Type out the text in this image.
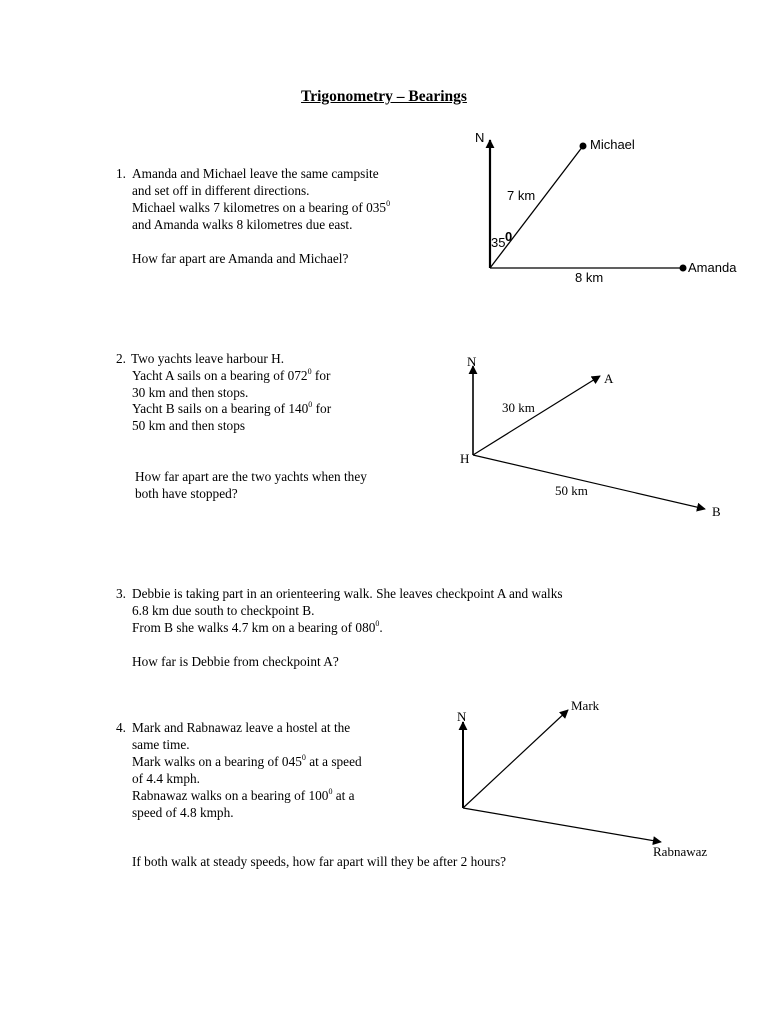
Trigonometry – Bearings
1. Amanda and Michael leave the same campsite
and set off in different directions.
Michael walks 7 kilometres on a bearing of $035^0$
and Amanda walks 8 kilometres due east.
How far apart are Amanda and Michael?
2. Two yachts leave harbour H.
Yacht A sails on a bearing of $072^0$ for
30 km and then stops.
Yacht B sails on a bearing of $140^0$ for
50 km and then stops
How far apart are the two yachts when they
both have stopped?
3. Debbie is taking part in an orienteering walk. She leaves checkpoint A and walks
6.8 km due south to checkpoint B.
From B she walks 4.7 km on a bearing of $080^0$.
How far is Debbie from checkpoint A?
4. Mark and Rabnawaz leave a hostel at the
same time.
Mark walks on a bearing of $045^0$ at a speed
of 4.4 kmph.
Rabnawaz walks on a bearing of $100^0$ at a
speed of 4.8 kmph.
If both walk at steady speeds, how far apart will they be after 2 hours?
N	Michael
7 km
35 0
Amanda
8 km
N
H
A
30 km
B
50 km
N
Mark
Rabnawaz
